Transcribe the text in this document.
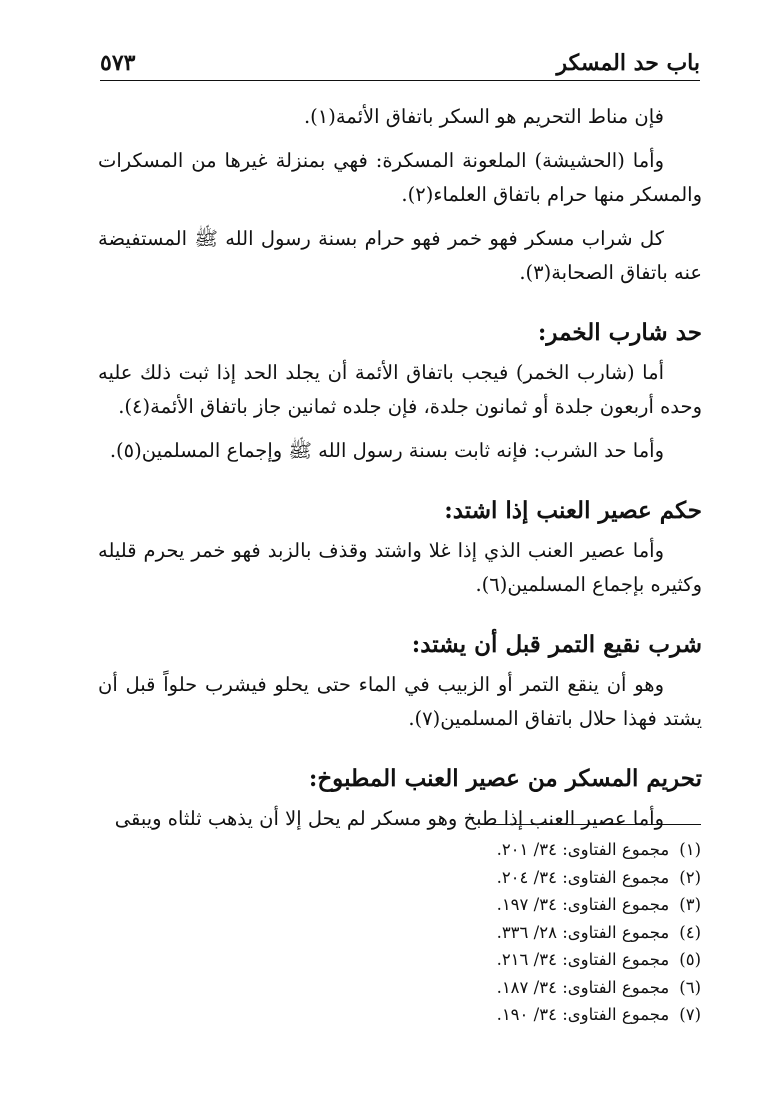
٥٧٣	باب حد المسكر

فإن مناط التحريم هو السكر باتفاق الأئمة(١).

وأما (الحشيشة) الملعونة المسكرة: فهي بمنزلة غيرها من المسكرات والمسكر منها حرام باتفاق العلماء(٢).

كل شراب مسكر فهو خمر فهو حرام بسنة رسول الله ﷺ المستفيضة عنه باتفاق الصحابة(٣).

حد شارب الخمر:

أما (شارب الخمر) فيجب باتفاق الأئمة أن يجلد الحد إذا ثبت ذلك عليه وحده أربعون جلدة أو ثمانون جلدة، فإن جلده ثمانين جاز باتفاق الأئمة(٤).

وأما حد الشرب: فإنه ثابت بسنة رسول الله ﷺ وإجماع المسلمين(٥).

حكم عصير العنب إذا اشتد:

وأما عصير العنب الذي إذا غلا واشتد وقذف بالزبد فهو خمر يحرم قليله وكثيره بإجماع المسلمين(٦).

شرب نقيع التمر قبل أن يشتد:

وهو أن ينقع التمر أو الزبيب في الماء حتى يحلو فيشرب حلواً قبل أن يشتد فهذا حلال باتفاق المسلمين(٧).

تحريم المسكر من عصير العنب المطبوخ:

وأما عصير العنب إذا طبخ وهو مسكر لم يحل إلا أن يذهب ثلثاه ويبقى

(١)
مجموع الفتاوى: ٣٤/ ٢٠١.
(٢)
مجموع الفتاوى: ٣٤/ ٢٠٤.
(٣)
مجموع الفتاوى: ٣٤/ ١٩٧.
(٤)
مجموع الفتاوى: ٢٨/ ٣٣٦.
(٥)
مجموع الفتاوى: ٣٤/ ٢١٦.
(٦)
مجموع الفتاوى: ٣٤/ ١٨٧.
(٧)
مجموع الفتاوى: ٣٤/ ١٩٠.
